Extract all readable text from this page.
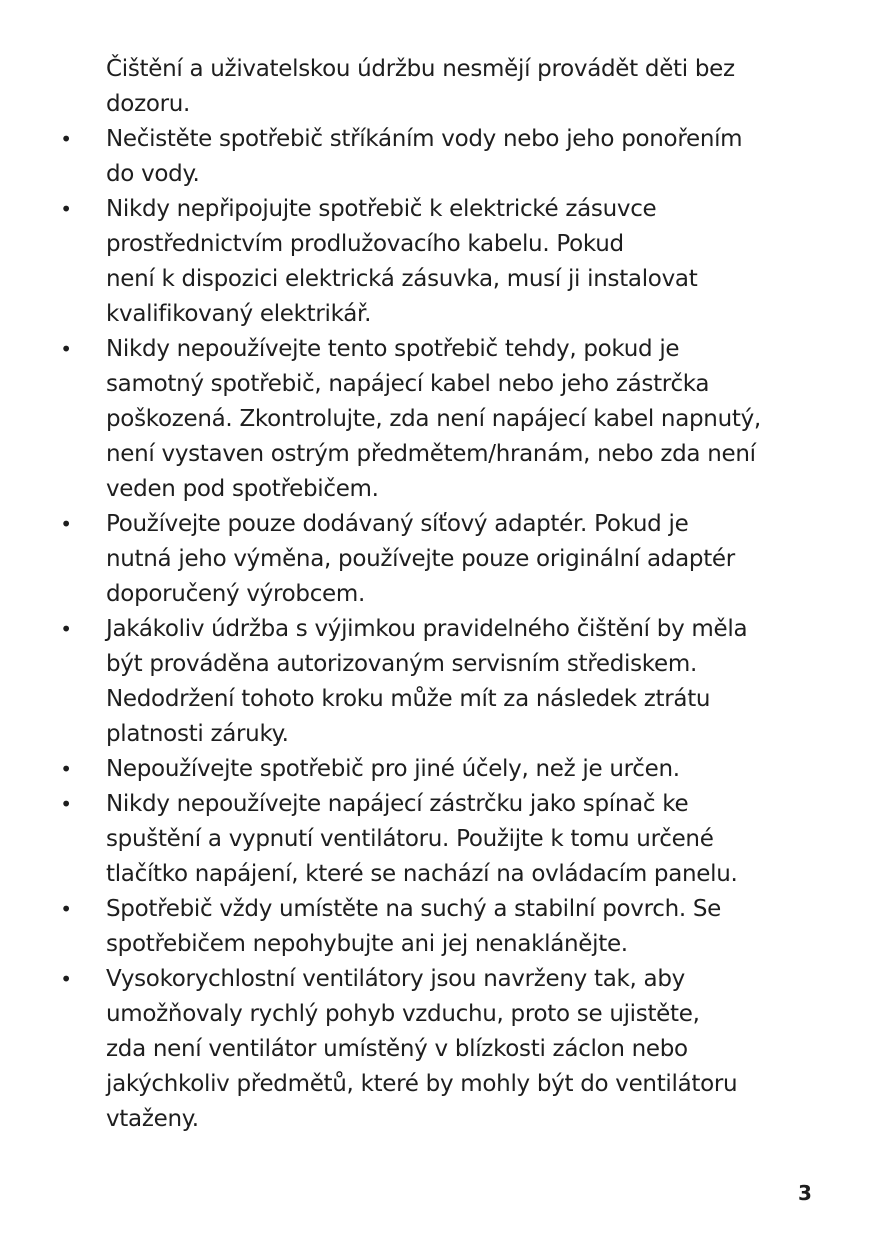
Čištění a uživatelskou údržbu nesmějí provádět děti bez
dozoru.
• Nečistěte spotřebič stříkáním vody nebo jeho ponořením
do vody.
• Nikdy nepřipojujte spotřebič k elektrické zásuvce
prostřednictvím prodlužovacího kabelu. Pokud
není k dispozici elektrická zásuvka, musí ji instalovat
kvalifikovaný elektrikář.
• Nikdy nepoužívejte tento spotřebič tehdy, pokud je
samotný spotřebič, napájecí kabel nebo jeho zástrčka
poškozená. Zkontrolujte, zda není napájecí kabel napnutý,
není vystaven ostrým předmětem/hranám, nebo zda není
veden pod spotřebičem.
• Používejte pouze dodávaný síťový adaptér. Pokud je
nutná jeho výměna, používejte pouze originální adaptér
doporučený výrobcem.
• Jakákoliv údržba s výjimkou pravidelného čištění by měla
být prováděna autorizovaným servisním střediskem.
Nedodržení tohoto kroku může mít za následek ztrátu
platnosti záruky.
• Nepoužívejte spotřebič pro jiné účely, než je určen.
• Nikdy nepoužívejte napájecí zástrčku jako spínač ke
spuštění a vypnutí ventilátoru. Použijte k tomu určené
tlačítko napájení, které se nachází na ovládacím panelu.
• Spotřebič vždy umístěte na suchý a stabilní povrch. Se
spotřebičem nepohybujte ani jej nenaklánějte.
• Vysokorychlostní ventilátory jsou navrženy tak, aby
umožňovaly rychlý pohyb vzduchu, proto se ujistěte,
zda není ventilátor umístěný v blízkosti záclon nebo
jakýchkoliv předmětů, které by mohly být do ventilátoru
vtaženy.
3
